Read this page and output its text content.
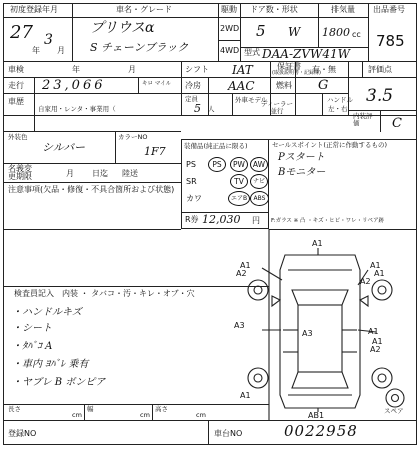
初度登録年月
27
年
3
月
車名・グレード
プリウスα
S チェーンブラック
駆動
2WD
4WD
ドア数・形状
5 W
排気量
1800 cc
型式 DAA-ZVW41W
出品番号
785
車検	年	月	シフト IAT	保証書
(取扱説明書・記録簿)
有・無	評価点
3.5
走行 23,066	キロ マイル 冷房 AAC	燃料 G
車歴
自家用・レンタ・事業用（
定員
5 人
外車モデル
ディーラー並行
ハンドル
左・右
内装評価	C
外装色
シルバー
カラーNO
1F7
名義変更期限	月 日迄 陸送
注意事項(欠品・修復・不具合箇所および状態)
装備品(純正品に限る)
PS
SR
カワ
PS	PW	AW
TV	ナビ
エアB	ABS
R券 12,030 円
セールスポイント(正常に作動するもの)
Pスタート
Bモニター
F:ガラス ※ 凸 ・キズ・ヒビ・ワレ・リペア跡
検査員記入 内装 ・ タバコ・汚・キレ・オブ・穴
・ハンドルキズ
・シート
・ﾀﾊﾞｺ A
・車内 ﾖﾊﾞﾚ 乗有
・ヤブレ B ボンピア
A1
A1
A2
A1
A1
A2
A3
A3	A1
A1
A1
A2
AB1	スペア
長さ
cm
幅
cm
高さ
cm
登録NO	車台NO	0022958
